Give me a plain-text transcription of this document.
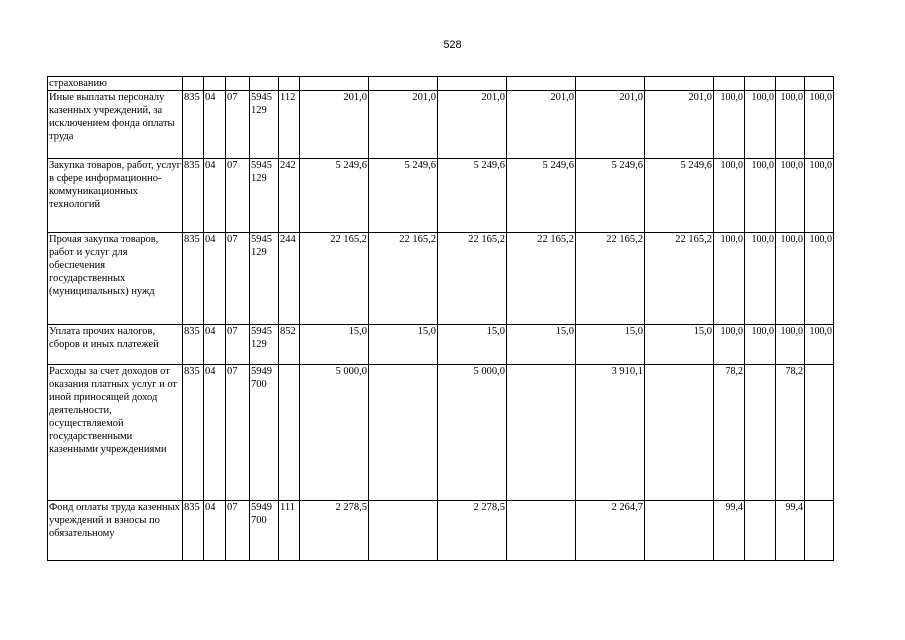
528
страхованию															
Иные выплаты персоналу казенных учреждений, за исключением фонда оплаты труда	835	04	07	5945 129	112	201,0	201,0	201,0	201,0	201,0	201,0	100,0	100,0	100,0	100,0
Закупка товаров, работ, услуг в сфере информационно-коммуникационных технологий	835	04	07	5945 129	242	5 249,6	5 249,6	5 249,6	5 249,6	5 249,6	5 249,6	100,0	100,0	100,0	100,0
Прочая закупка товаров, работ и услуг для обеспечения государственных (муниципальных) нужд	835	04	07	5945 129	244	22 165,2	22 165,2	22 165,2	22 165,2	22 165,2	22 165,2	100,0	100,0	100,0	100,0
Уплата прочих налогов, сборов и иных платежей	835	04	07	5945 129	852	15,0	15,0	15,0	15,0	15,0	15,0	100,0	100,0	100,0	100,0
Расходы за счет доходов от оказания платных услуг и от иной приносящей доход деятельности, осуществляемой государственными казенными учреждениями	835	04	07	5949 700		5 000,0		5 000,0		3 910,1		78,2		78,2	
Фонд оплаты труда казенных учреждений и взносы по обязательному	835	04	07	5949 700	111	2 278,5		2 278,5		2 264,7		99,4		99,4	
